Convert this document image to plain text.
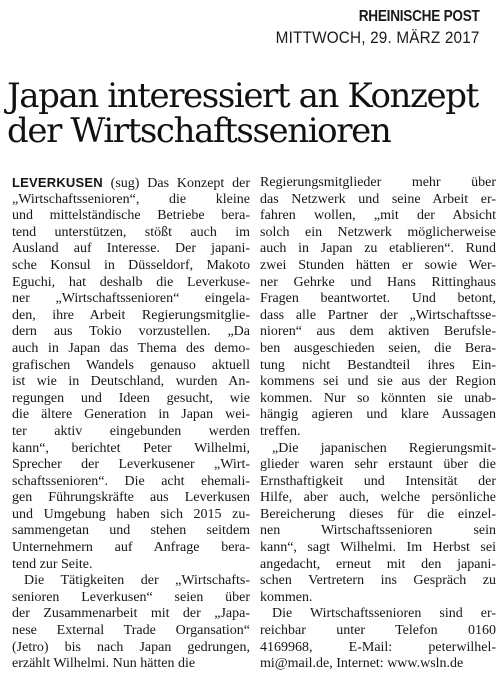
RHEINISCHE POST
MITTWOCH, 29. MÄRZ 2017
Japan interessiert an Konzept
der Wirtschaftssenioren
LEVERKUSEN (sug) Das Konzept der
„Wirtschaftssenioren“, die kleine
und mittelständische Betriebe bera-
tend unterstützen, stößt auch im
Ausland auf Interesse. Der japani-
sche Konsul in Düsseldorf, Makoto
Eguchi, hat deshalb die Leverkuse-
ner „Wirtschaftssenioren“ eingela-
den, ihre Arbeit Regierungsmitglie-
dern aus Tokio vorzustellen. „Da
auch in Japan das Thema des demo-
grafischen Wandels genauso aktuell
ist wie in Deutschland, wurden An-
regungen und Ideen gesucht, wie
die ältere Generation in Japan wei-
ter aktiv eingebunden werden
kann“, berichtet Peter Wilhelmi,
Sprecher der Leverkusener „Wirt-
schaftssenioren“. Die acht ehemali-
gen Führungskräfte aus Leverkusen
und Umgebung haben sich 2015 zu-
sammengetan und stehen seitdem
Unternehmern auf Anfrage bera-
tend zur Seite.
Die Tätigkeiten der „Wirtschafts-
senioren Leverkusen“ seien über
der Zusammenarbeit mit der „Japa-
nese External Trade Organsation“
(Jetro) bis nach Japan gedrungen,
erzählt Wilhelmi. Nun hätten die
Regierungsmitglieder mehr über
das Netzwerk und seine Arbeit er-
fahren wollen, „mit der Absicht
solch ein Netzwerk möglicherweise
auch in Japan zu etablieren“. Rund
zwei Stunden hätten er sowie Wer-
ner Gehrke und Hans Rittinghaus
Fragen beantwortet. Und betont,
dass alle Partner der „Wirtschaftsse-
nioren“ aus dem aktiven Berufsle-
ben ausgeschieden seien, die Bera-
tung nicht Bestandteil ihres Ein-
kommens sei und sie aus der Region
kommen. Nur so könnten sie unab-
hängig agieren und klare Aussagen
treffen.
„Die japanischen Regierungsmit-
glieder waren sehr erstaunt über die
Ernsthaftigkeit und Intensität der
Hilfe, aber auch, welche persönliche
Bereicherung dieses für die einzel-
nen Wirtschaftssenioren sein
kann“, sagt Wilhelmi. Im Herbst sei
angedacht, erneut mit den japani-
schen Vertretern ins Gespräch zu
kommen.
Die Wirtschaftssenioren sind er-
reichbar unter Telefon 0160
4169968, E-Mail: peterwilhel-
mi@mail.de, Internet: www.wsln.de
